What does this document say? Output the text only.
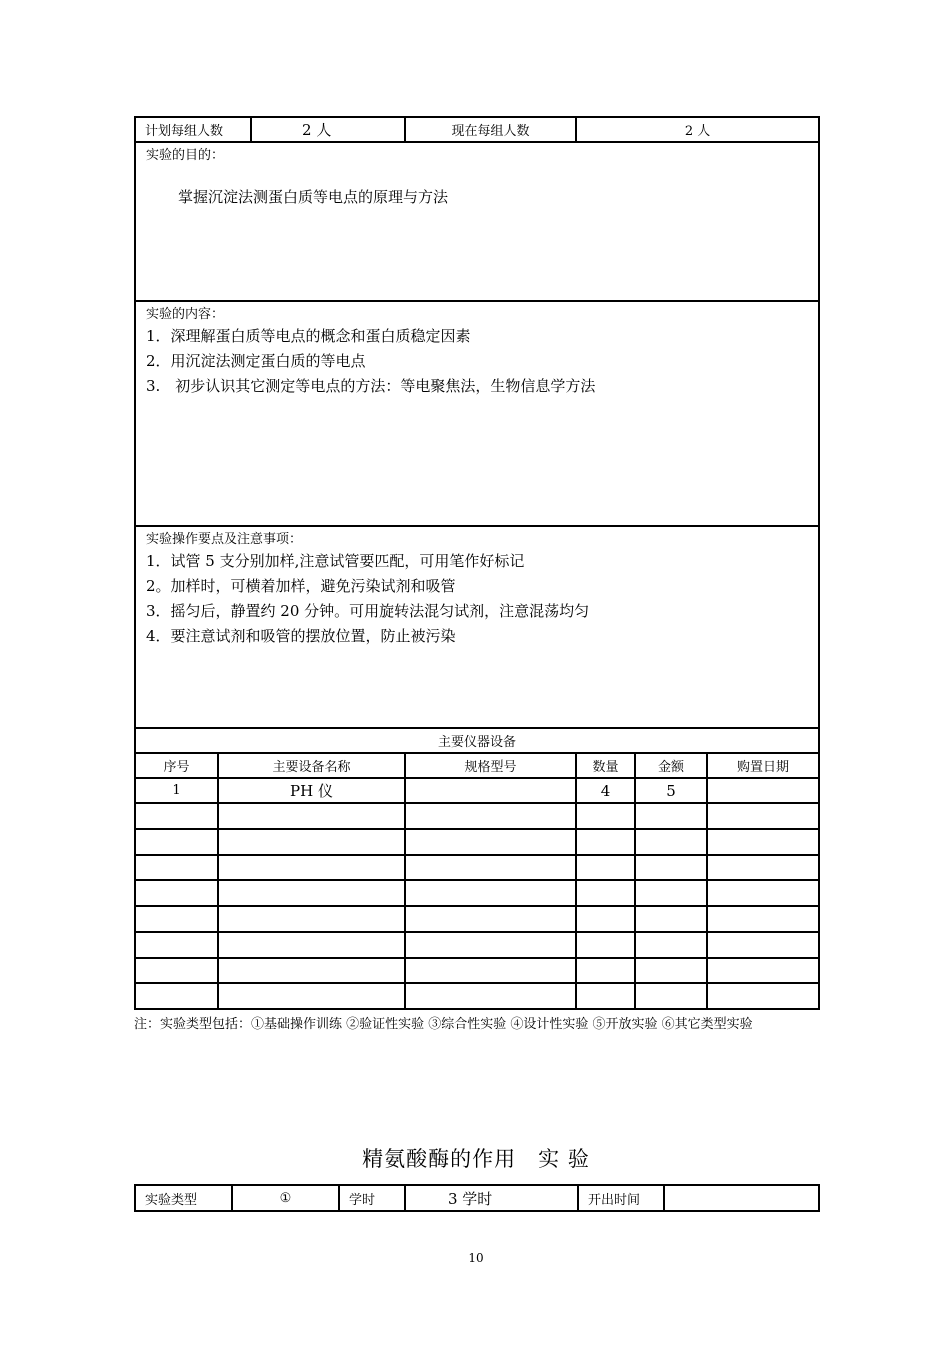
计划每组人数		2 人	现在每组人数	2 人		

实验的目的：
掌握沉淀法测蛋白质等电点的原理与方法						

实验的内容：
1．深理解蛋白质等电点的概念和蛋白质稳定因素
2．用沉淀法测定蛋白质的等电点
3.　初步认识其它测定等电点的方法：等电聚焦法，生物信息学方法						

实验操作要点及注意事项：
1．试管 5 支分别加样,注意试管要匹配，可用笔作好标记
2。加样时，可横着加样，避免污染试剂和吸管
3．摇匀后，静置约 20 分钟。可用旋转法混匀试剂，注意混荡均匀
4．要注意试剂和吸管的摆放位置，防止被污染						

主要仪器设备						
序号	主要设备名称		规格型号	数量	金额	购置日期
1	PH 仪			4	5	

注：实验类型包括：①基础操作训练 ②验证性实验 ③综合性实验 ④设计性实验 ⑤开放实验 ⑥其它类型实验
精氨酸酶的作用　实 验
实验类型	①	学时	3 学时	开出时间	
10
